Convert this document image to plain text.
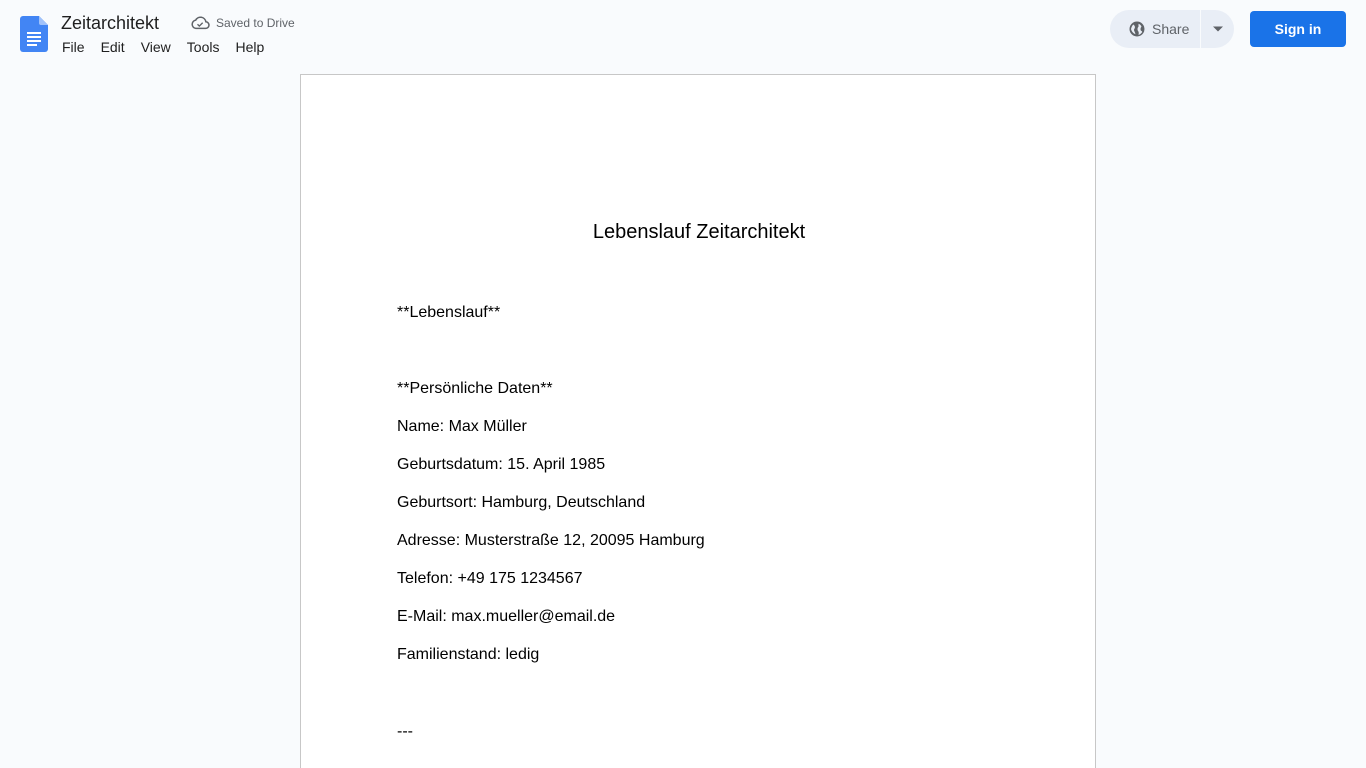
Zeitarchitekt	Saved to Drive
File	Edit	View	Tools	Help
Share	Sign in
Lebenslauf Zeitarchitekt
**Lebenslauf**
**Persönliche Daten**
Name: Max Müller
Geburtsdatum: 15. April 1985
Geburtsort: Hamburg, Deutschland
Adresse: Musterstraße 12, 20095 Hamburg
Telefon: +49 175 1234567
E-Mail: max.mueller@email.de
Familienstand: ledig
---
